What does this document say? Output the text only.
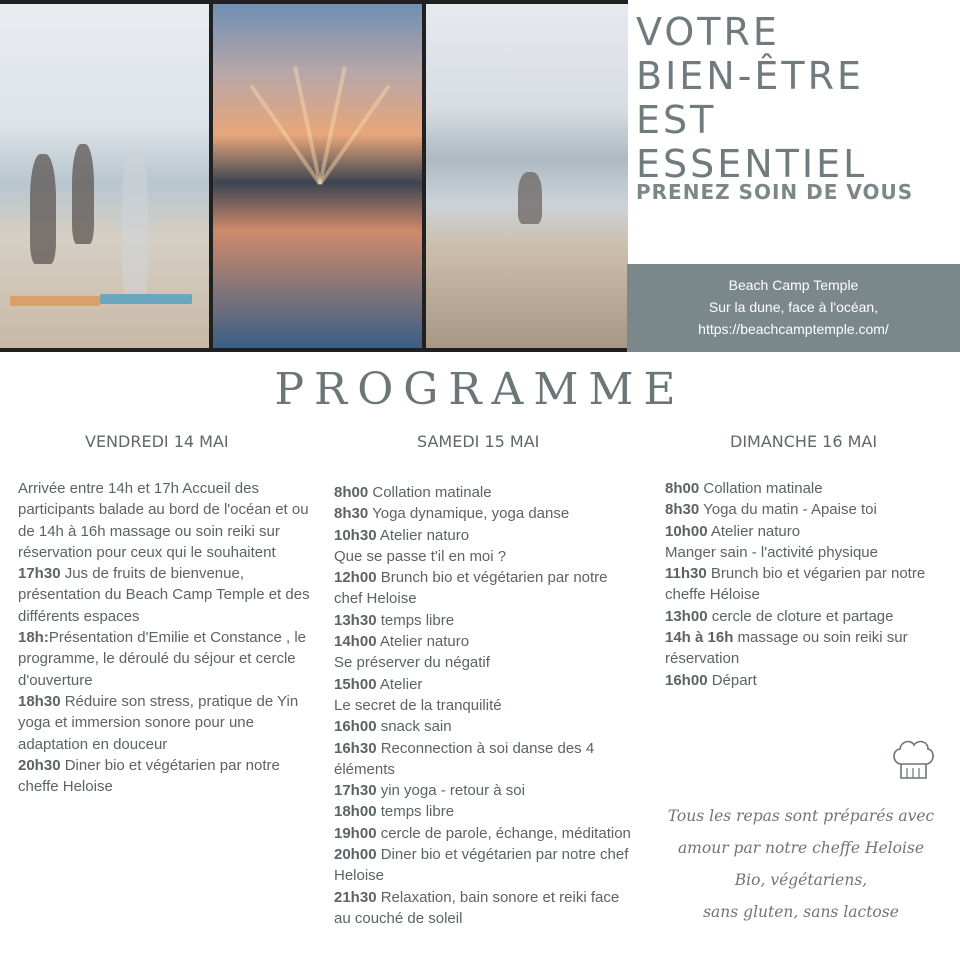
VOTRE
BIEN-ÊTRE
EST
ESSENTIEL
PRENEZ SOIN DE VOUS
Beach Camp Temple
Sur la dune, face à l'océan,
https://beachcamptemple.com/
PROGRAMME
VENDREDI 14 MAI	SAMEDI 15 MAI	DIMANCHE 16 MAI

Arrivée entre 14h et 17h Accueil des participants balade au bord de l'océan et ou de 14h à 16h massage ou soin reiki sur réservation pour ceux qui le souhaitent

17h30 Jus de fruits de bienvenue, présentation du Beach Camp Temple et des différents espaces

18h:Présentation d'Emilie et Constance , le programme, le déroulé du séjour et cercle d'ouverture

18h30 Réduire son stress, pratique de Yin yoga et immersion sonore pour une adaptation en douceur

20h30 Diner bio et végétarien par notre cheffe Heloise

8h00 Collation matinale

8h30 Yoga dynamique, yoga danse

10h30 Atelier naturo

Que se passe t'il en moi ?

12h00 Brunch bio et végétarien par notre chef Heloise

13h30 temps libre

14h00 Atelier naturo

Se préserver du négatif

15h00 Atelier

Le secret de la tranquilité

16h00 snack sain

16h30 Reconnection à soi danse des 4 éléments

17h30 yin yoga - retour à soi

18h00 temps libre

19h00 cercle de parole, échange, méditation

20h00 Diner bio et végétarien par notre chef Heloise

21h30 Relaxation, bain sonore et reiki face au couché de soleil

8h00 Collation matinale

8h30 Yoga du matin - Apaise toi

10h00 Atelier naturo

Manger sain - l'activité physique

11h30 Brunch bio et végarien par notre cheffe Héloise

13h00 cercle de cloture et partage

14h à 16h massage ou soin reiki sur réservation

16h00 Départ

Tous les repas sont préparés avec
amour par notre cheffe Heloise
Bio, végétariens,
sans gluten, sans lactose
